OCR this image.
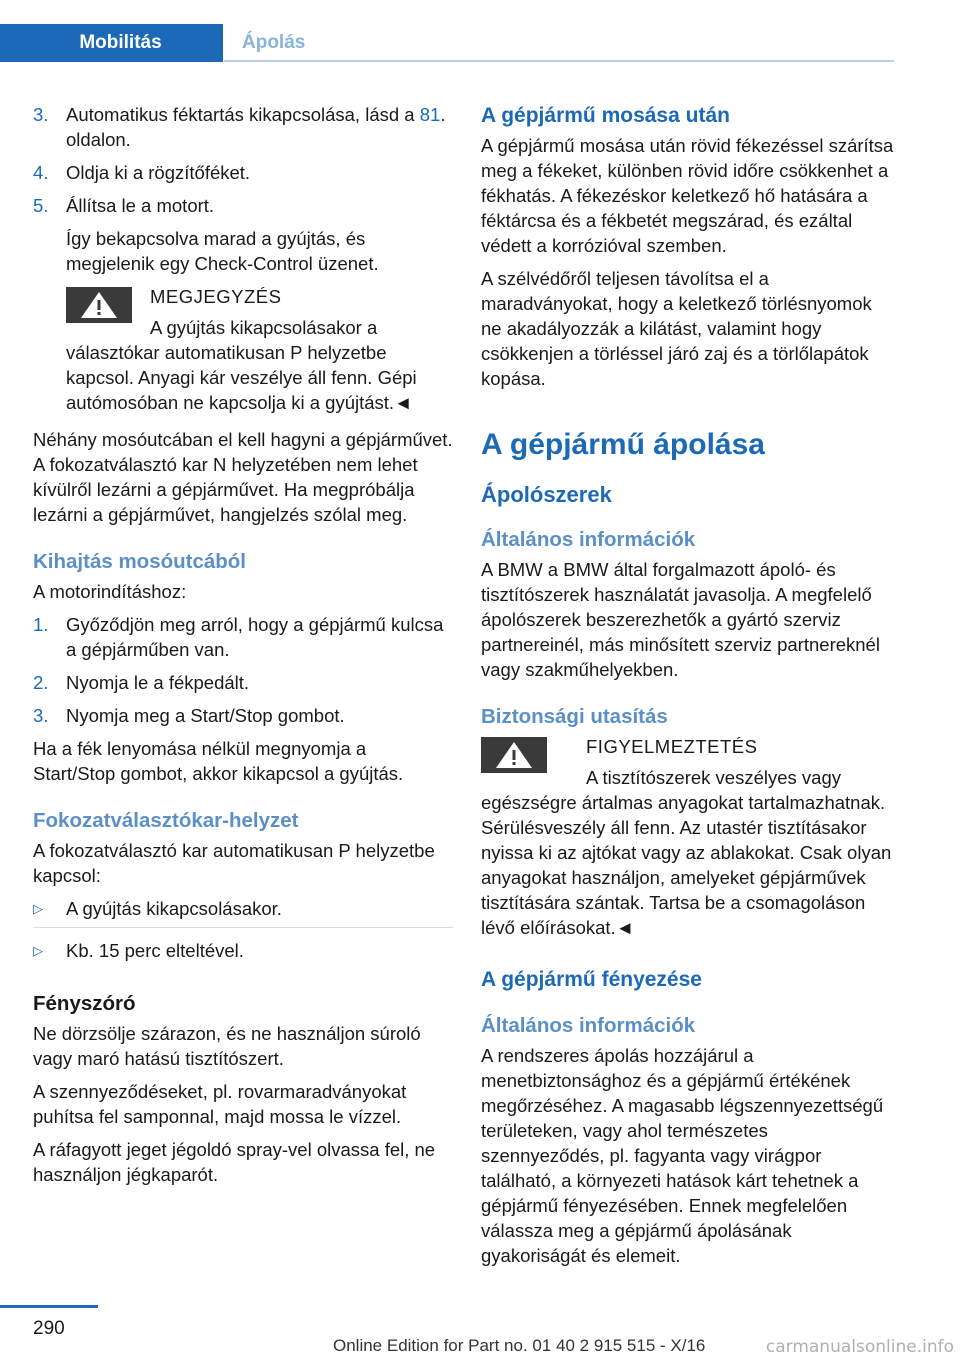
Mobilitás	Ápolás
3. Automatikus féktartás kikapcsolása, lásd a 81. oldalon.
4. Oldja ki a rögzítőféket.
5. Állítsa le a motort.

Így bekapcsolva marad a gyújtás, és megjelenik egy Check-Control üzenet.

MEGJEGYZÉS
A gyújtás kikapcsolásakor a választókar automatikusan P helyzetbe kapcsol. Anyagi kár veszélye áll fenn. Gépi autómosóban ne kapcsolja ki a gyújtást.◄

Néhány mosóutcában el kell hagyni a gépjárművet. A fokozatválasztó kar N helyzetében nem lehet kívülről lezárni a gépjárművet. Ha megpróbálja lezárni a gépjárművet, hangjelzés szólal meg.

Kihajtás mosóutcából

A motorindításhoz:

1. Győződjön meg arról, hogy a gépjármű kulcsa a gépjárműben van.
2. Nyomja le a fékpedált.
3. Nyomja meg a Start/Stop gombot.

Ha a fék lenyomása nélkül megnyomja a Start/Stop gombot, akkor kikapcsol a gyújtás.

Fokozatválasztókar-helyzet

A fokozatválasztó kar automatikusan P helyzetbe kapcsol:

▷	A gyújtás kikapcsolásakor.
▷	Kb. 15 perc elteltével.
Fényszóró

Ne dörzsölje szárazon, és ne használjon súroló vagy maró hatású tisztítószert.

A szennyeződéseket, pl. rovarmaradványokat puhítsa fel samponnal, majd mossa le vízzel.

A ráfagyott jeget jégoldó spray-vel olvassa fel, ne használjon jégkaparót.

A gépjármű mosása után

A gépjármű mosása után rövid fékezéssel szárítsa meg a fékeket, különben rövid időre csökkenhet a fékhatás. A fékezéskor keletkező hő hatására a féktárcsa és a fékbetét megszárad, és ezáltal védett a korrózióval szemben.

A szélvédőről teljesen távolítsa el a maradványokat, hogy a keletkező törlésnyomok ne akadályozzák a kilátást, valamint hogy csökkenjen a törléssel járó zaj és a törlőlapátok kopása.

A gépjármű ápolása
Ápolószerek
Általános információk

A BMW a BMW által forgalmazott ápoló- és tisztítószerek használatát javasolja. A megfelelő ápolószerek beszerezhetők a gyártó szerviz partnereinél, más minősített szerviz partnereknél vagy szakműhelyekben.

Biztonsági utasítás
FIGYELMEZTETÉS
A tisztítószerek veszélyes vagy egészségre ártalmas anyagokat tartalmazhatnak. Sérülésveszély áll fenn. Az utastér tisztításakor nyissa ki az ajtókat vagy az ablakokat. Csak olyan anyagokat használjon, amelyeket gépjárművek tisztítására szántak. Tartsa be a csomagoláson lévő előírásokat.◄
A gépjármű fényezése
Általános információk

A rendszeres ápolás hozzájárul a menetbiztonsághoz és a gépjármű értékének megőrzéséhez. A magasabb légszennyezettségű területeken, vagy ahol természetes szennyeződés, pl. fagyanta vagy virágpor található, a környezeti hatások kárt tehetnek a gépjármű fényezésében. Ennek megfelelően válassza meg a gépjármű ápolásának gyakoriságát és elemeit.

290
Online Edition for Part no. 01 40 2 915 515 - X/16	carmanualsonline.info
